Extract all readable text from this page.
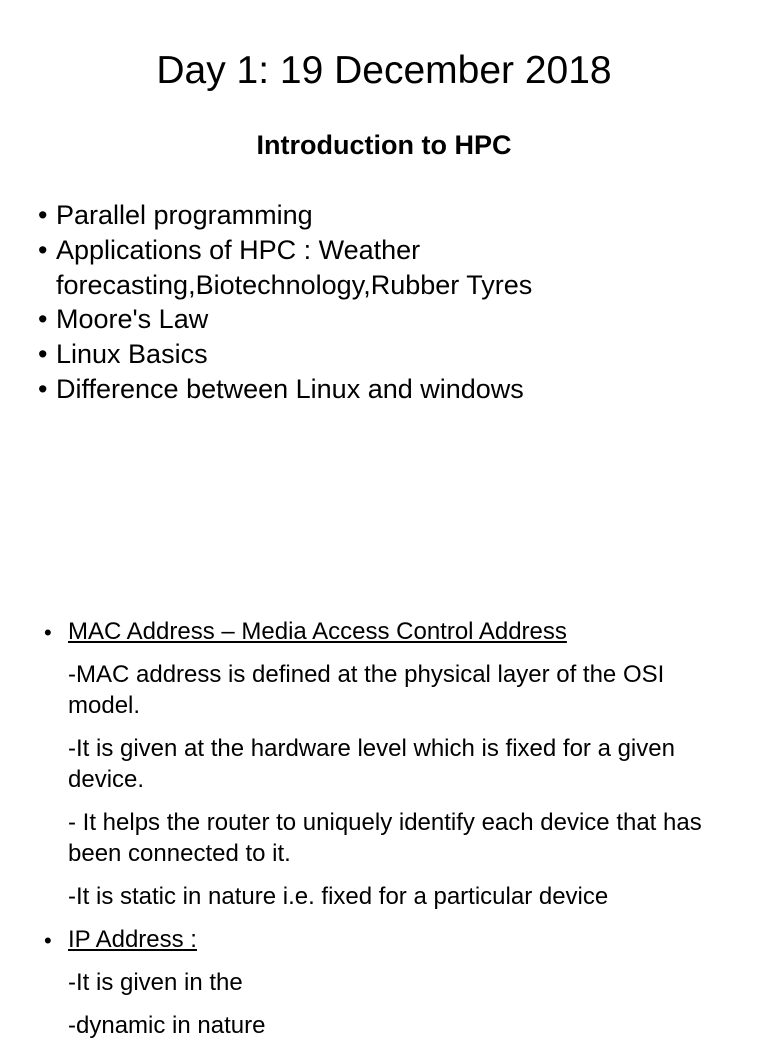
Day 1: 19 December 2018
Introduction to HPC
• Parallel programming
• Applications of HPC : Weather forecasting,Biotechnology,Rubber Tyres
• Moore's Law
• Linux Basics
• Difference between Linux and windows
• MAC Address – Media Access Control Address

-MAC address is defined at the physical layer of the OSI model.

-It is given at the hardware level which is fixed for a given device.

- It helps the router to uniquely identify each device that has been connected to it.

-It is static in nature i.e. fixed for a particular device

• IP Address :

-It is given in the

-dynamic in nature
